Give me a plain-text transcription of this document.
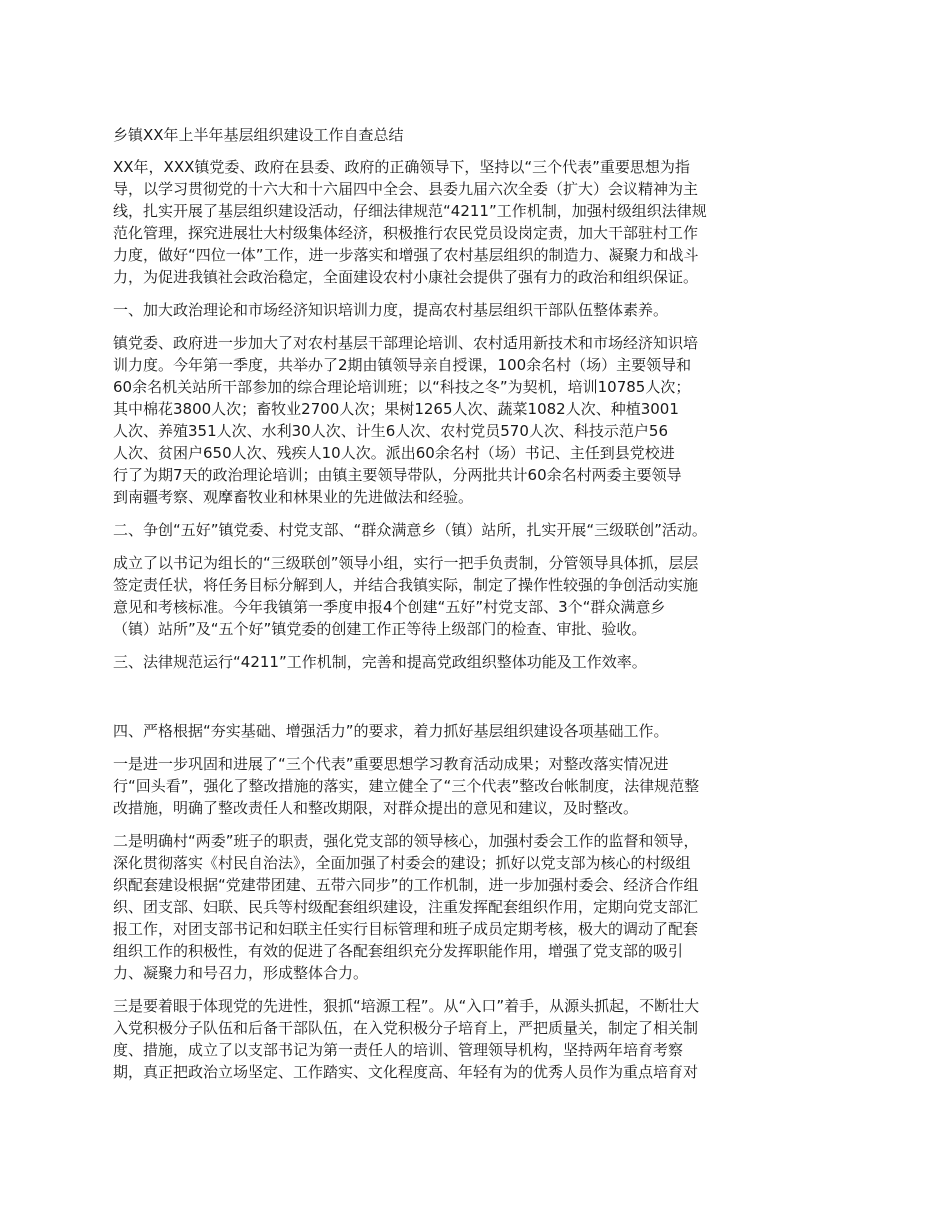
乡镇XX年上半年基层组织建设工作自查总结
XX年，XXX镇党委、政府在县委、政府的正确领导下，坚持以“三个代表”重要思想为指
导，以学习贯彻党的十六大和十六届四中全会、县委九届六次全委（扩大）会议精神为主
线，扎实开展了基层组织建设活动，仔细法律规范“4211”工作机制，加强村级组织法律规
范化管理，探究进展壮大村级集体经济，积极推行农民党员设岗定责，加大干部驻村工作
力度，做好“四位一体”工作，进一步落实和增强了农村基层组织的制造力、凝聚力和战斗
力，为促进我镇社会政治稳定，全面建设农村小康社会提供了强有力的政治和组织保证。
一、加大政治理论和市场经济知识培训力度，提高农村基层组织干部队伍整体素养。
镇党委、政府进一步加大了对农村基层干部理论培训、农村适用新技术和市场经济知识培
训力度。今年第一季度，共举办了2期由镇领导亲自授课，100余名村（场）主要领导和
60余名机关站所干部参加的综合理论培训班；以“科技之冬”为契机，培训10785人次；
其中棉花3800人次；畜牧业2700人次；果树1265人次、蔬菜1082人次、种植3001
人次、养殖351人次、水利30人次、计生6人次、农村党员570人次、科技示范户56
人次、贫困户650人次、残疾人10人次。派出60余名村（场）书记、主任到县党校进
行了为期7天的政治理论培训；由镇主要领导带队，分两批共计60余名村两委主要领导
到南疆考察、观摩畜牧业和林果业的先进做法和经验。
二、争创“五好”镇党委、村党支部、“群众满意乡（镇）站所，扎实开展“三级联创”活动。
成立了以书记为组长的“三级联创”领导小组，实行一把手负责制，分管领导具体抓，层层
签定责任状，将任务目标分解到人，并结合我镇实际，制定了操作性较强的争创活动实施
意见和考核标准。今年我镇第一季度申报4个创建“五好”村党支部、3个“群众满意乡
（镇）站所”及“五个好”镇党委的创建工作正等待上级部门的检查、审批、验收。
三、法律规范运行“4211”工作机制，完善和提高党政组织整体功能及工作效率。
四、严格根据“夯实基础、增强活力”的要求，着力抓好基层组织建设各项基础工作。
一是进一步巩固和进展了“三个代表”重要思想学习教育活动成果；对整改落实情况进
行“回头看”，强化了整改措施的落实，建立健全了“三个代表”整改台帐制度，法律规范整
改措施，明确了整改责任人和整改期限，对群众提出的意见和建议，及时整改。
二是明确村“两委”班子的职责，强化党支部的领导核心，加强村委会工作的监督和领导，
深化贯彻落实《村民自治法》，全面加强了村委会的建设；抓好以党支部为核心的村级组
织配套建设根据“党建带团建、五带六同步”的工作机制，进一步加强村委会、经济合作组
织、团支部、妇联、民兵等村级配套组织建设，注重发挥配套组织作用，定期向党支部汇
报工作，对团支部书记和妇联主任实行目标管理和班子成员定期考核，极大的调动了配套
组织工作的积极性，有效的促进了各配套组织充分发挥职能作用，增强了党支部的吸引
力、凝聚力和号召力，形成整体合力。
三是要着眼于体现党的先进性，狠抓“培源工程”。从“入口”着手，从源头抓起，不断壮大
入党积极分子队伍和后备干部队伍，在入党积极分子培育上，严把质量关，制定了相关制
度、措施，成立了以支部书记为第一责任人的培训、管理领导机构，坚持两年培育考察
期，真正把政治立场坚定、工作踏实、文化程度高、年轻有为的优秀人员作为重点培育对
